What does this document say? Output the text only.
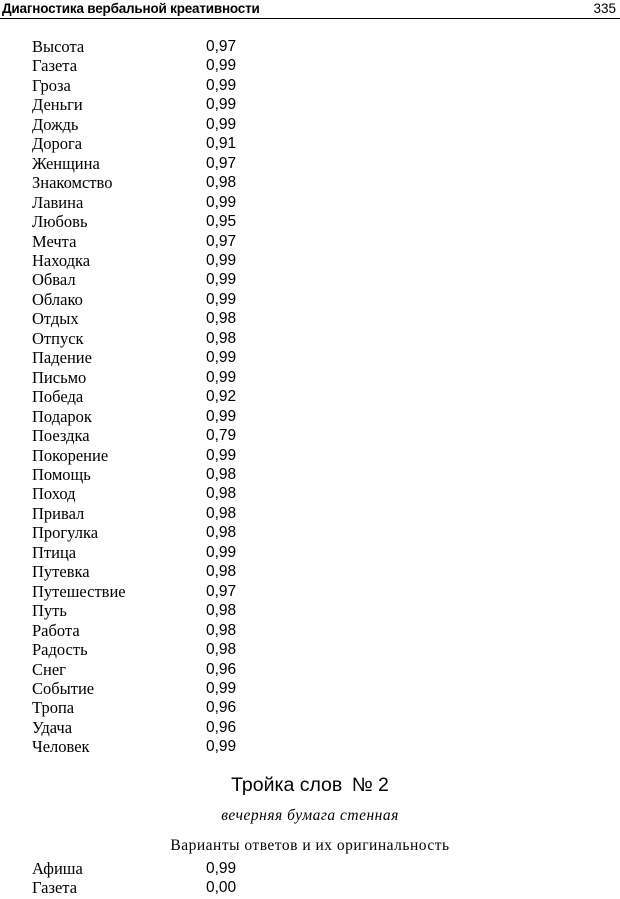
Диагностика вербальной креативности	335
Высота	0,97
Газета	0,99
Гроза	0,99
Деньги	0,99
Дождь	0,99
Дорога	0,91
Женщина	0,97
Знакомство	0,98
Лавина	0,99
Любовь	0,95
Мечта	0,97
Находка	0,99
Обвал	0,99
Облако	0,99
Отдых	0,98
Отпуск	0,98
Падение	0,99
Письмо	0,99
Победа	0,92
Подарок	0,99
Поездка	0,79
Покорение	0,99
Помощь	0,98
Поход	0,98
Привал	0,98
Прогулка	0,98
Птица	0,99
Путевка	0,98
Путешествие	0,97
Путь	0,98
Работа	0,98
Радость	0,98
Снег	0,96
Событие	0,99
Тропа	0,96
Удача	0,96
Человек	0,99
Тройка слов № 2
вечерняя бумага стенная
Варианты ответов и их оригинальность
Афиша	0,99
Газета	0,00
